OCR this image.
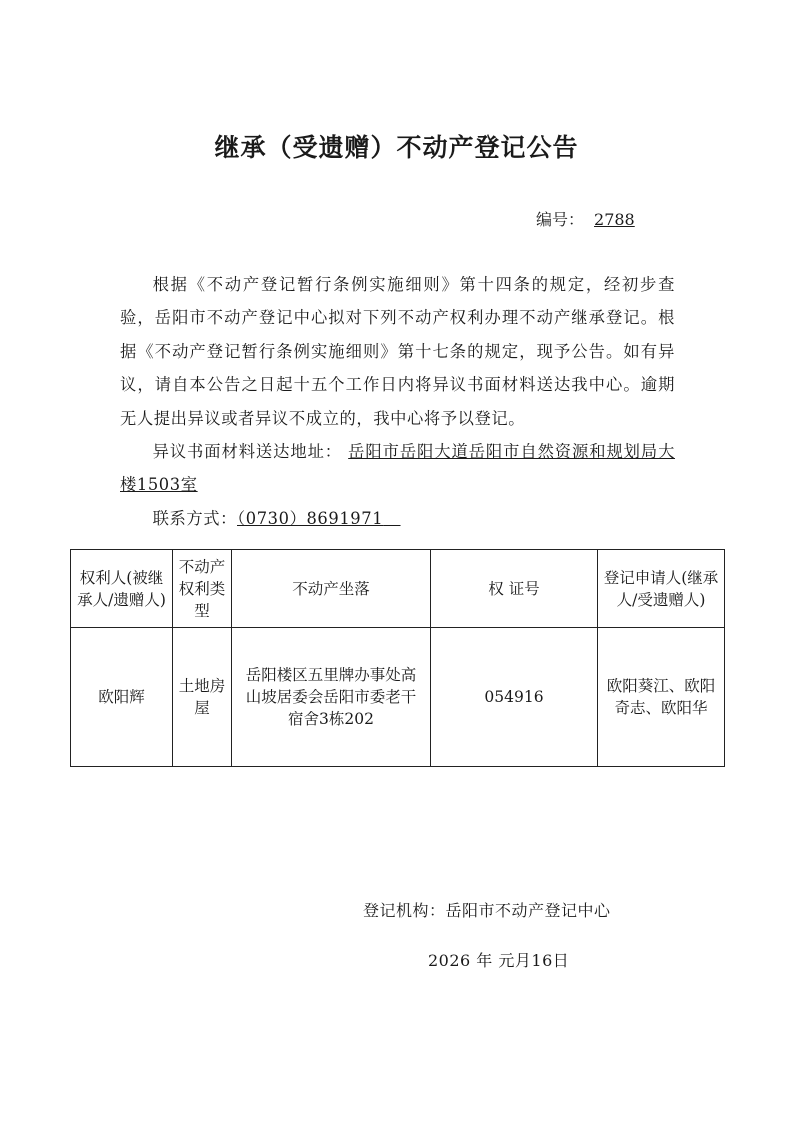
继承（受遗赠）不动产登记公告
编号： 2788

根据《不动产登记暂行条例实施细则》第十四条的规定，经初步查验，岳阳市不动产登记中心拟对下列不动产权利办理不动产继承登记。根据《不动产登记暂行条例实施细则》第十七条的规定，现予公告。如有异议，请自本公告之日起十五个工作日内将异议书面材料送达我中心。逾期无人提出异议或者异议不成立的，我中心将予以登记。

异议书面材料送达地址： 岳阳市岳阳大道岳阳市自然资源和规划局大楼1503室

联系方式：（0730）8691971

权利人(被继承人/遗赠人)	不动产权利类型	不动产坐落	权 证号	登记申请人(继承人/受遗赠人)
欧阳辉	土地房屋	岳阳楼区五里牌办事处高山坡居委会岳阳市委老干宿舍3栋202	054916	欧阳葵江、欧阳奇志、欧阳华
登记机构：岳阳市不动产登记中心
2026 年 元月16日
